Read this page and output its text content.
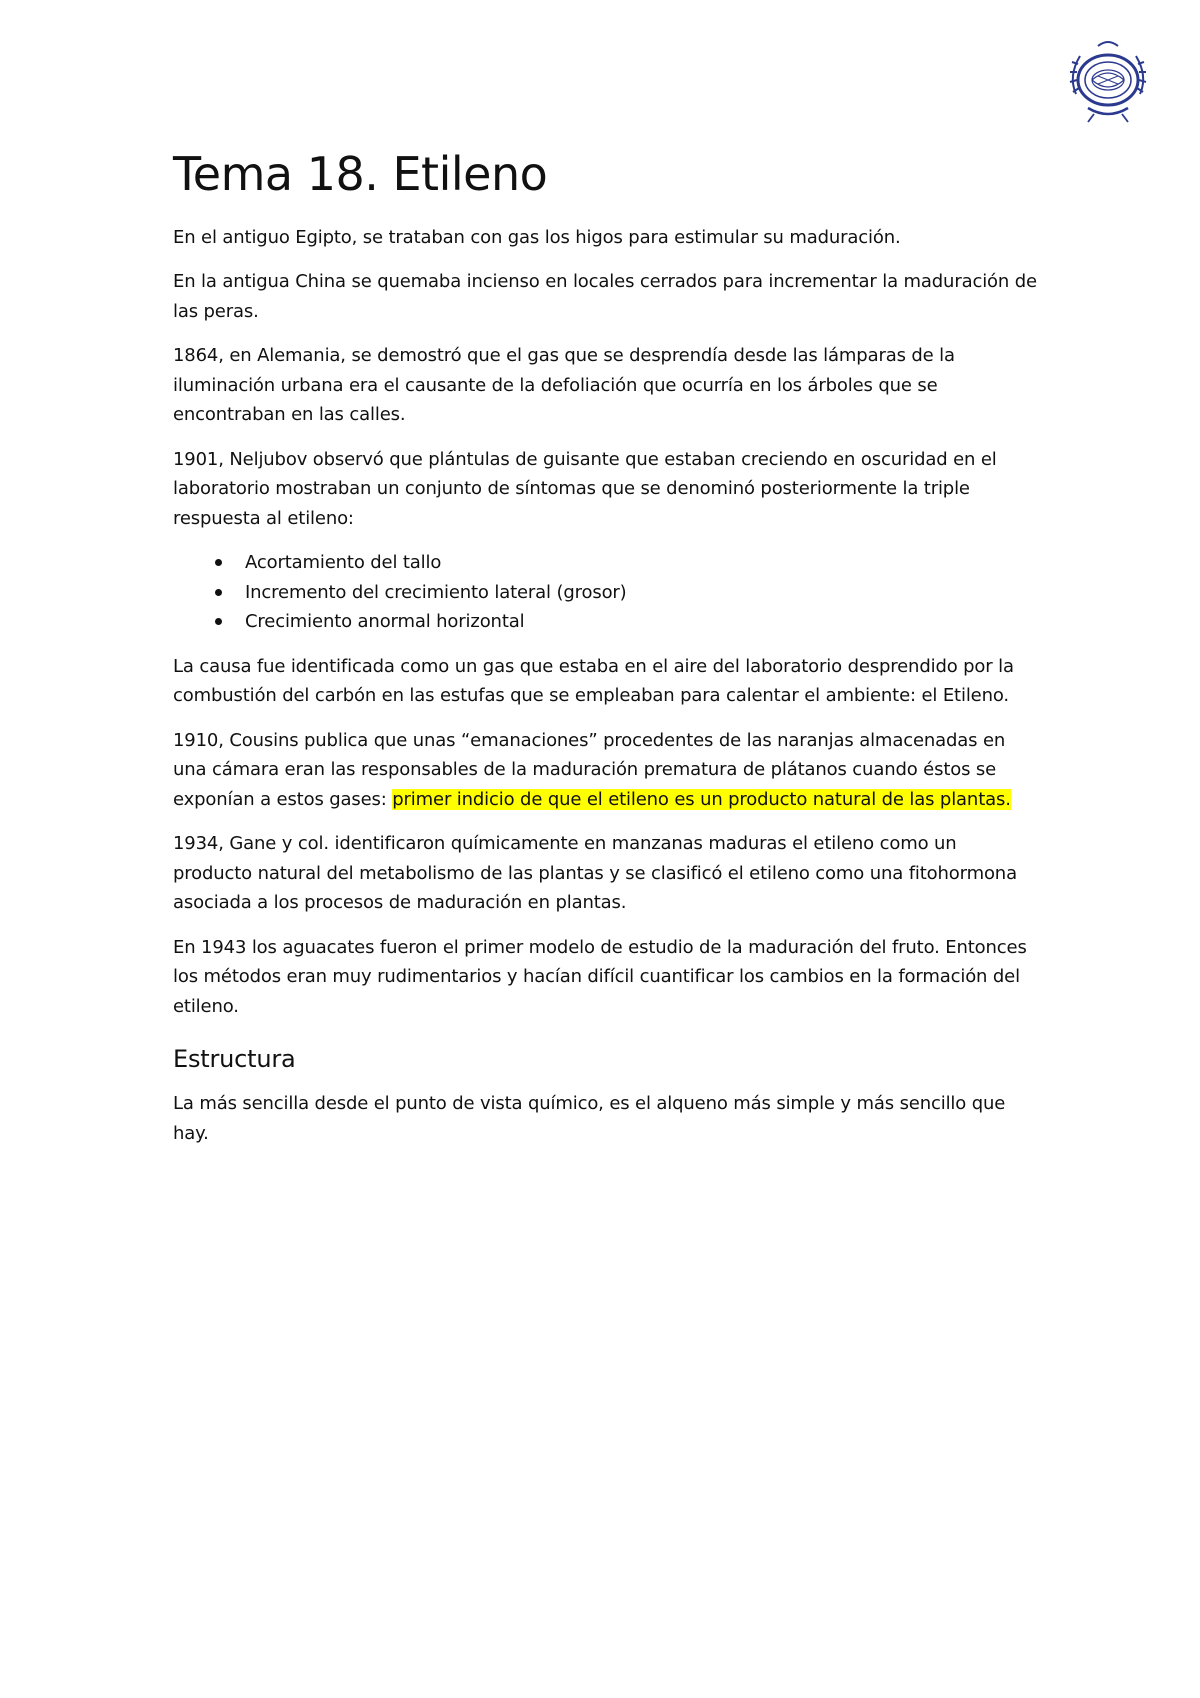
Tema 18. Etileno

En el antiguo Egipto, se trataban con gas los higos para estimular su maduración.

En la antigua China se quemaba incienso en locales cerrados para incrementar la maduración de las peras.

1864, en Alemania, se demostró que el gas que se desprendía desde las lámparas de la iluminación urbana era el causante de la defoliación que ocurría en los árboles que se encontraban en las calles.

1901, Neljubov observó que plántulas de guisante que estaban creciendo en oscuridad en el laboratorio mostraban un conjunto de síntomas que se denominó posteriormente la triple respuesta al etileno:

Acortamiento del tallo
Incremento del crecimiento lateral (grosor)
Crecimiento anormal horizontal

La causa fue identificada como un gas que estaba en el aire del laboratorio desprendido por la combustión del carbón en las estufas que se empleaban para calentar el ambiente: el Etileno.

1910, Cousins publica que unas “emanaciones” procedentes de las naranjas almacenadas en una cámara eran las responsables de la maduración prematura de plátanos cuando éstos se exponían a estos gases: primer indicio de que el etileno es un producto natural de las plantas.

1934, Gane y col. identificaron químicamente en manzanas maduras el etileno como un producto natural del metabolismo de las plantas y se clasificó el etileno como una fitohormona asociada a los procesos de maduración en plantas.

En 1943 los aguacates fueron el primer modelo de estudio de la maduración del fruto. Entonces los métodos eran muy rudimentarios y hacían difícil cuantificar los cambios en la formación del etileno.

Estructura

La más sencilla desde el punto de vista químico, es el alqueno más simple y más sencillo que hay.
